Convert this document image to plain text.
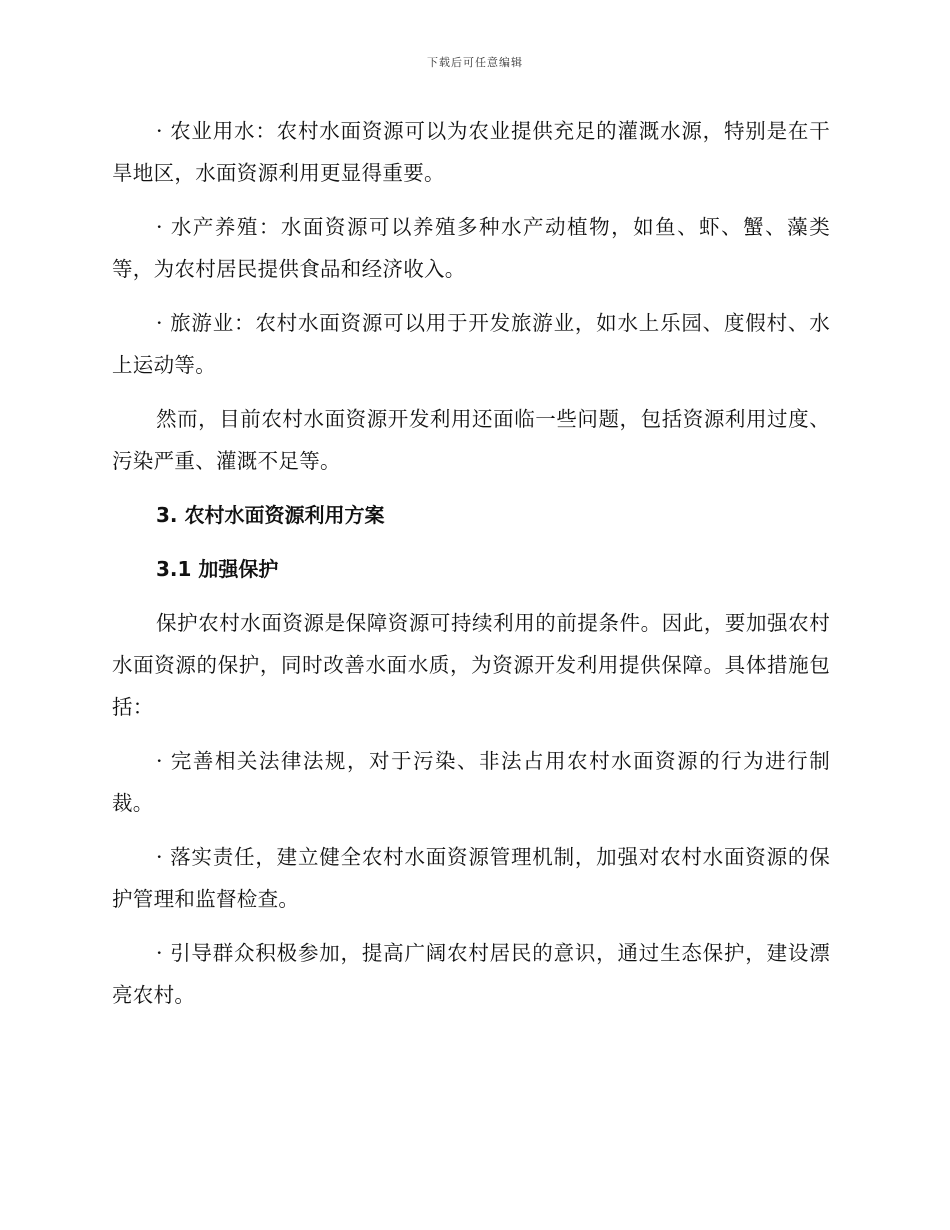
下载后可任意编辑

· 农业用水：农村水面资源可以为农业提供充足的灌溉水源，特别是在干旱地区，水面资源利用更显得重要。

· 水产养殖：水面资源可以养殖多种水产动植物，如鱼、虾、蟹、藻类等，为农村居民提供食品和经济收入。

· 旅游业：农村水面资源可以用于开发旅游业，如水上乐园、度假村、水上运动等。

然而，目前农村水面资源开发利用还面临一些问题，包括资源利用过度、污染严重、灌溉不足等。

3. 农村水面资源利用方案
3.1 加强保护

保护农村水面资源是保障资源可持续利用的前提条件。因此，要加强农村水面资源的保护，同时改善水面水质，为资源开发利用提供保障。具体措施包括：

· 完善相关法律法规，对于污染、非法占用农村水面资源的行为进行制裁。

· 落实责任，建立健全农村水面资源管理机制，加强对农村水面资源的保护管理和监督检查。

· 引导群众积极参加，提高广阔农村居民的意识，通过生态保护，建设漂亮农村。
